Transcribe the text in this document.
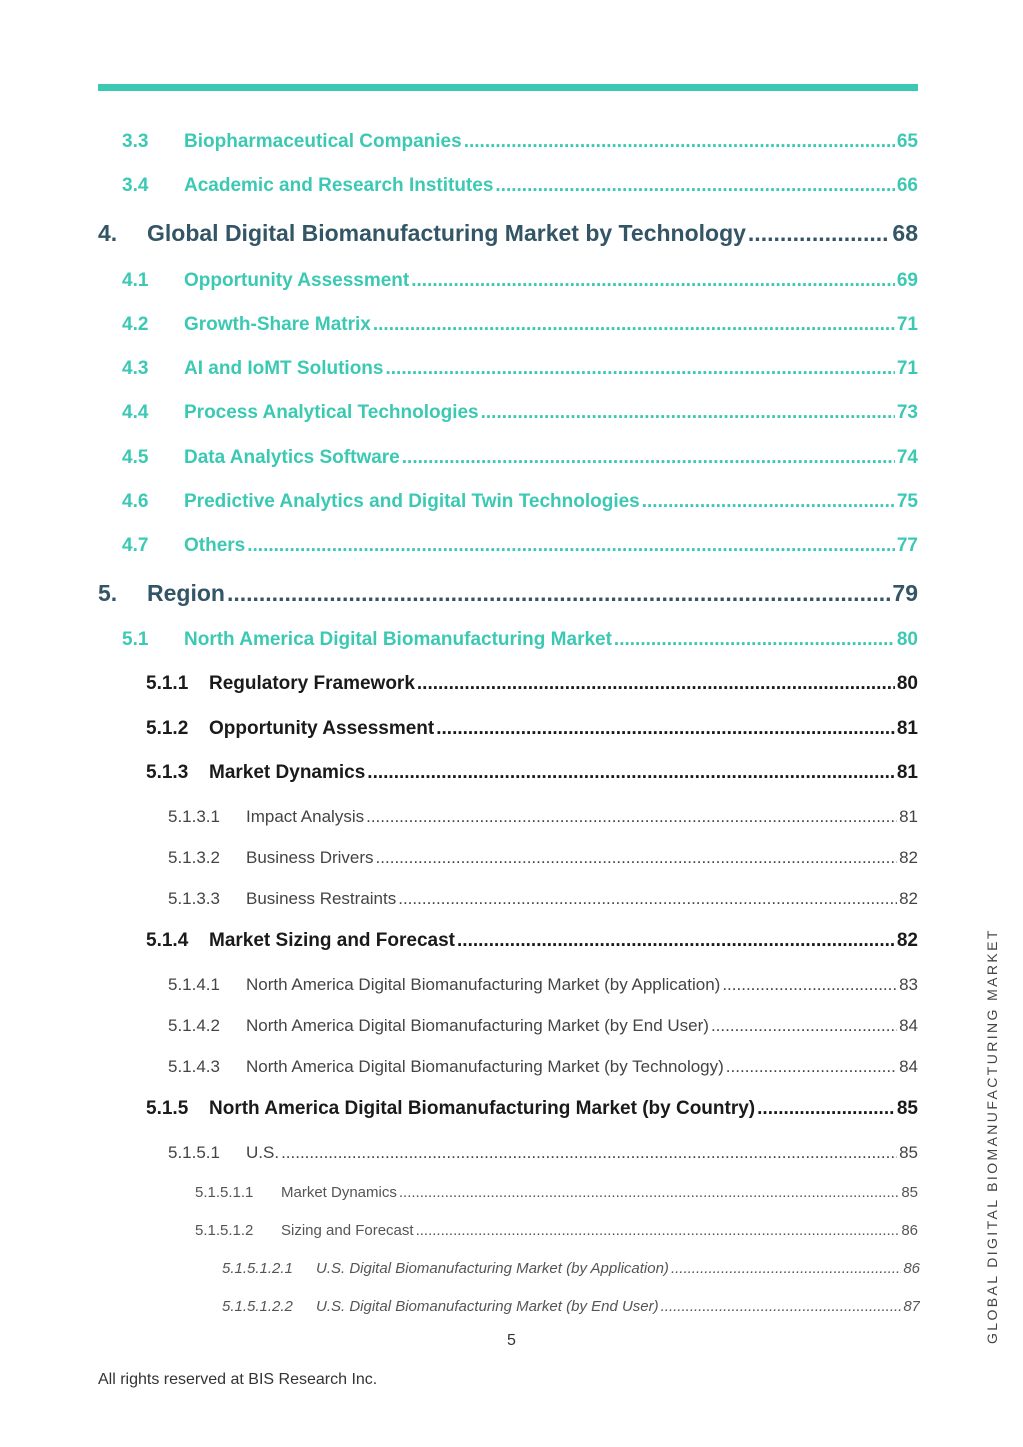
3.3	Biopharmaceutical Companies .....	65
3.4	Academic and Research Institutes .....	66
4.	Global Digital Biomanufacturing Market by Technology .....	68
4.1	Opportunity Assessment .....	69
4.2	Growth-Share Matrix .....	71
4.3	AI and IoMT Solutions .....	71
4.4	Process Analytical Technologies .....	73
4.5	Data Analytics Software .....	74
4.6	Predictive Analytics and Digital Twin Technologies .....	75
4.7	Others .....	77
5.	Region .....	79
5.1	North America Digital Biomanufacturing Market .....	80
5.1.1	Regulatory Framework .....	80
5.1.2	Opportunity Assessment .....	81
5.1.3	Market Dynamics .....	81
5.1.3.1	Impact Analysis .....	81
5.1.3.2	Business Drivers .....	82
5.1.3.3	Business Restraints .....	82
5.1.4	Market Sizing and Forecast .....	82
5.1.4.1	North America Digital Biomanufacturing Market (by Application) .....	83
5.1.4.2	North America Digital Biomanufacturing Market (by End User) .....	84
5.1.4.3	North America Digital Biomanufacturing Market (by Technology) .....	84
5.1.5	North America Digital Biomanufacturing Market (by Country) .....	85
5.1.5.1	U.S. .....	85
5.1.5.1.1	Market Dynamics .....	85
5.1.5.1.2	Sizing and Forecast .....	86
5.1.5.1.2.1	U.S. Digital Biomanufacturing Market (by Application) .....	86
5.1.5.1.2.2	U.S. Digital Biomanufacturing Market (by End User) .....	87
5
All rights reserved at BIS Research Inc.
GLOBAL DIGITAL BIOMANUFACTURING MARKET
